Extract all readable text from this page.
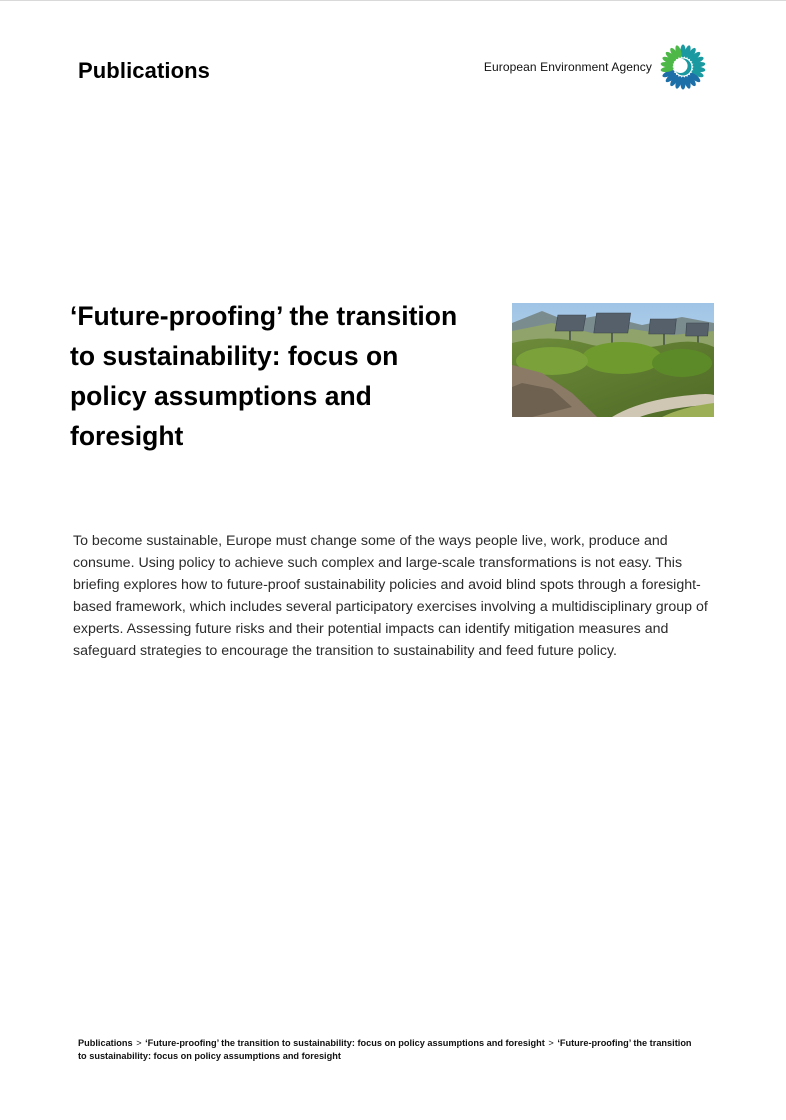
Publications	European Environment Agency
‘Future-proofing’ the transition to sustainability: focus on policy assumptions and foresight

To become sustainable, Europe must change some of the ways people live, work, produce and consume. Using policy to achieve such complex and large-scale transformations is not easy. This briefing explores how to future-proof sustainability policies and avoid blind spots through a foresight-based framework, which includes several participatory exercises involving a multidisciplinary group of experts. Assessing future risks and their potential impacts can identify mitigation measures and safeguard strategies to encourage the transition to sustainability and feed future policy.

Publications > ‘Future-proofing’ the transition to sustainability: focus on policy assumptions and foresight > ‘Future-proofing’ the transition to sustainability: focus on policy assumptions and foresight
